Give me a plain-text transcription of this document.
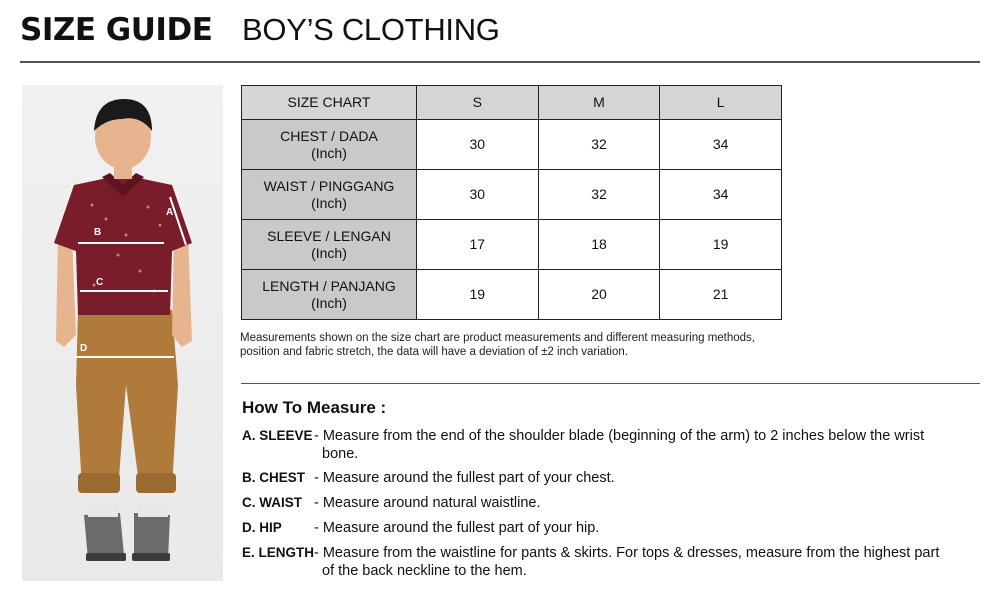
SIZE GUIDE BOY’S CLOTHING
B
C
D
A
SIZE CHART	S	M	L
CHEST / DADA
(Inch)	30	32	34
WAIST / PINGGANG
(Inch)	30	32	34
SLEEVE / LENGAN
(Inch)	17	18	19
LENGTH / PANJANG
(Inch)	19	20	21
Measurements shown on the size chart are product measurements and different measuring methods,
position and fabric stretch, the data will have a deviation of ±2 inch variation.
How To Measure :
A. SLEEVE - Measure from the end of the shoulder blade (beginning of the arm) to 2 inches below the wrist bone.
B. CHEST - Measure around the fullest part of your chest.
C. WAIST - Measure around natural waistline.
D. HIP	- Measure around the fullest part of your hip.
E. LENGTH - Measure from the waistline for pants & skirts. For tops & dresses, measure from the highest part of the back neckline to the hem.
